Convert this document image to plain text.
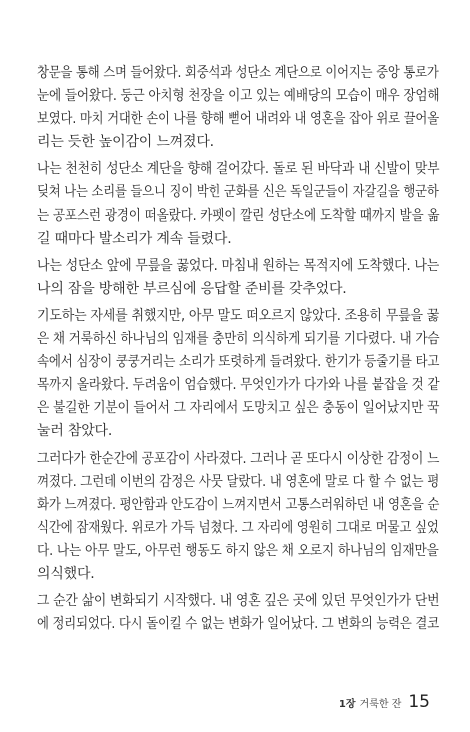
창문을 통해 스며 들어왔다. 회중석과 성단소 계단으로 이어지는 중앙 통로가
눈에 들어왔다. 둥근 아치형 천장을 이고 있는 예배당의 모습이 매우 장엄해
보였다. 마치 거대한 손이 나를 향해 뻗어 내려와 내 영혼을 잡아 위로 끌어올
리는 듯한 높이감이 느껴졌다.
나는 천천히 성단소 계단을 향해 걸어갔다. 돌로 된 바닥과 내 신발이 맞부
딪쳐 나는 소리를 들으니 징이 박힌 군화를 신은 독일군들이 자갈길을 행군하
는 공포스런 광경이 떠올랐다. 카펫이 깔린 성단소에 도착할 때까지 발을 옮
길 때마다 발소리가 계속 들렸다.
나는 성단소 앞에 무릎을 꿇었다. 마침내 원하는 목적지에 도착했다. 나는
나의 잠을 방해한 부르심에 응답할 준비를 갖추었다.
기도하는 자세를 취했지만, 아무 말도 떠오르지 않았다. 조용히 무릎을 꿇
은 채 거룩하신 하나님의 임재를 충만히 의식하게 되기를 기다렸다. 내 가슴
속에서 심장이 쿵쿵거리는 소리가 또렷하게 들려왔다. 한기가 등줄기를 타고
목까지 올라왔다. 두려움이 엄습했다. 무엇인가가 다가와 나를 붙잡을 것 같
은 불길한 기분이 들어서 그 자리에서 도망치고 싶은 충동이 일어났지만 꾹
눌러 참았다.
그러다가 한순간에 공포감이 사라졌다. 그러나 곧 또다시 이상한 감정이 느
껴졌다. 그런데 이번의 감정은 사뭇 달랐다. 내 영혼에 말로 다 할 수 없는 평
화가 느껴졌다. 평안함과 안도감이 느껴지면서 고통스러워하던 내 영혼을 순
식간에 잠재웠다. 위로가 가득 넘쳤다. 그 자리에 영원히 그대로 머물고 싶었
다. 나는 아무 말도, 아무런 행동도 하지 않은 채 오로지 하나님의 임재만을
의식했다.
그 순간 삶이 변화되기 시작했다. 내 영혼 깊은 곳에 있던 무엇인가가 단번
에 정리되었다. 다시 돌이킬 수 없는 변화가 일어났다. 그 변화의 능력은 결코
1장 거룩한 잔 15
